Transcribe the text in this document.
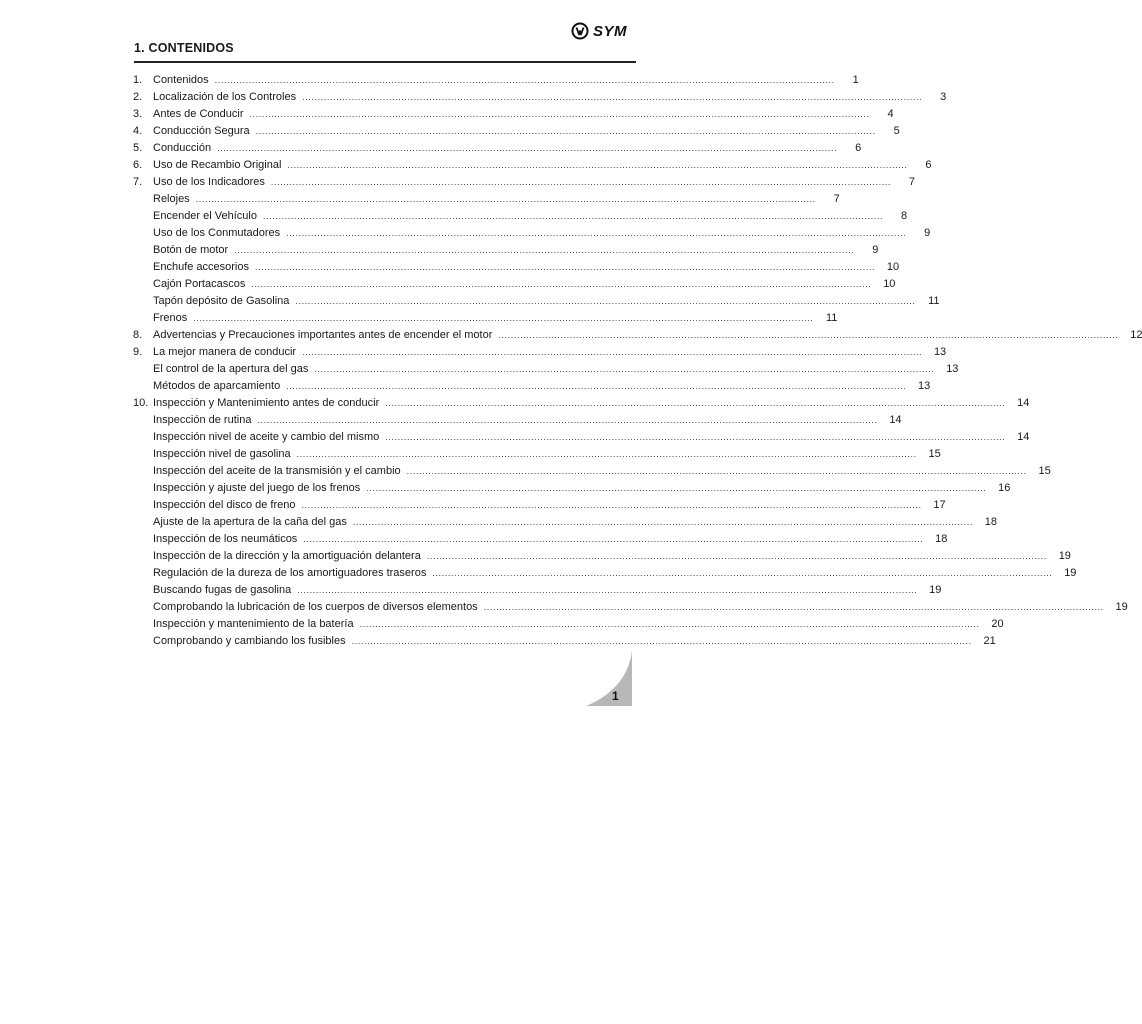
SYM
1. CONTENIDOS
1. Contenidos ........................................................................................................................................................................................................	1
2. Localización de los Controles ........................................................................................................................................................................................................	3
3. Antes de Conducir ........................................................................................................................................................................................................	4
4. Conducción Segura ........................................................................................................................................................................................................	5
5. Conducción ........................................................................................................................................................................................................	6
6. Uso de Recambio Original ........................................................................................................................................................................................................	6
7. Uso de los Indicadores ........................................................................................................................................................................................................	7
Relojes ........................................................................................................................................................................................................	7
Encender el Vehículo ........................................................................................................................................................................................................	8
Uso de los Conmutadores ........................................................................................................................................................................................................	9
Botón de motor ........................................................................................................................................................................................................	9
Enchufe accesorios ........................................................................................................................................................................................................	10
Cajón Portacascos ........................................................................................................................................................................................................	10
Tapón depósito de Gasolina ........................................................................................................................................................................................................	11
Frenos ........................................................................................................................................................................................................	11
8. Advertencias y Precauciones importantes antes de encender el motor ........................................................................................................................................................................................................	12
9. La mejor manera de conducir ........................................................................................................................................................................................................	13
El control de la apertura del gas ........................................................................................................................................................................................................	13
Métodos de aparcamiento ........................................................................................................................................................................................................	13
10. Inspección y Mantenimiento antes de conducir ........................................................................................................................................................................................................	14
Inspección de rutina ........................................................................................................................................................................................................	14
Inspección nivel de aceite y cambio del mismo ........................................................................................................................................................................................................	14
Inspección nivel de gasolina ........................................................................................................................................................................................................	15
Inspección del aceite de la transmisión y el cambio ........................................................................................................................................................................................................	15
Inspección y ajuste del juego de los frenos ........................................................................................................................................................................................................	16
Inspección del disco de freno ........................................................................................................................................................................................................	17
Ajuste de la apertura de la caña del gas ........................................................................................................................................................................................................	18
Inspección de los neumáticos ........................................................................................................................................................................................................	18
Inspección de la dirección y la amortiguación delantera ........................................................................................................................................................................................................	19
Regulación de la dureza de los amortiguadores traseros ........................................................................................................................................................................................................	19
Buscando fugas de gasolina ........................................................................................................................................................................................................	19
Comprobando la lubricación de los cuerpos de diversos elementos ........................................................................................................................................................................................................	19
Inspección y mantenimiento de la batería ........................................................................................................................................................................................................	20
Comprobando y cambiando los fusibles ........................................................................................................................................................................................................	21
1
